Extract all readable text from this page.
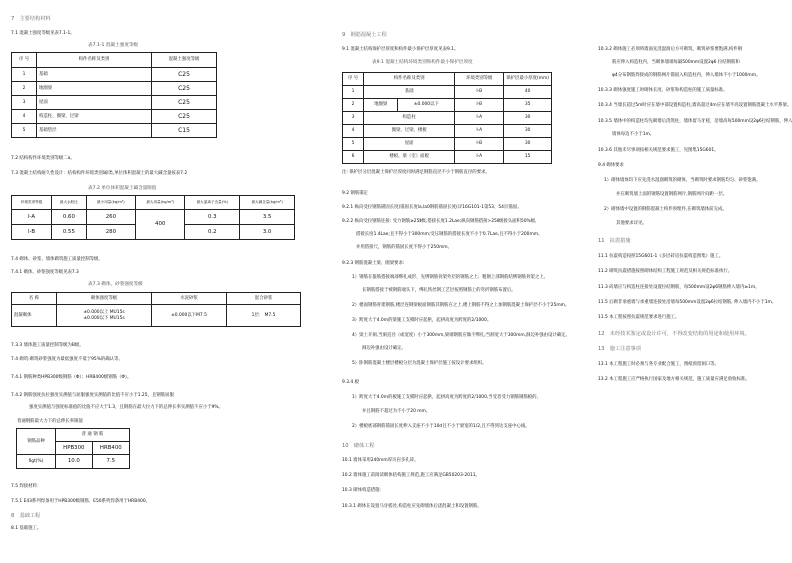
7　主要结构材料
7.1 混凝土强度等级见表7.1-1。
表7.1-1 混凝土强度等级
序 号	构件名称及类别	混凝土强度等级
1	基础	C25
2	地圈梁	C25
3	屋面	C25
4	构造柱、圈梁、过梁	C25
5	基础垫层	C15
7.2 结构构件环境类别等级二a。
7.3 混凝土结构耐久性设计：结构构件环境类别属I类,单位体积混凝土的最大碱含量按表7.2
表7.2 单位体积混凝土碱含量限值
环境类别等级	最大水胶比	最小用量(kg/m³)	最大用量(kg/m³)	最大氯离子含量(%)	最大碱含量(kg/m³)
I-A	0.60	260	400	0.3	3.5
I-B	0.55	280		0.2	3.0
7.4 砌体、砂浆、墙体砌筑施工质量控制等级。
7.4.1 砌体、砂浆强度等级见表7.3
表7.3 砌体、砂浆强度等级
名 称	砌体强度等级	水泥砂浆	混合砂浆
混凝砌体	±0.000以上 MU15s
±0.000以下 MU15s	±0.000以下M7.5	1层： M7.5
7.3.3 墙体施工质量控制等级为B级。
7.4 砌筑:砌筑砂浆强度为最低强度不低于95%的确认等。
7.4.1 钢筋种类HPB300级钢筋（Φ）；HRB400级钢筋（Φ）。
7.4.2 钢筋强度抗拉强度实测值与屈服强度实测值的比值不应小于1.25，且钢筋屈服
强度实测值与强度标准值的比值不应大于1.3，且钢筋在最大拉力下的总伸长率实测值不应小于9%。
普通钢筋最大力下的总伸长率限值
钢筋品种	普 通 钢 筋	
	HPB300	HRB400
δgt(%)	10.0	7.5
7.5 焊接材料：
7.5.1 E43系列焊条用于HPB300级钢筋，E50系列焊条用于HRB400。
8　基础工程
8.1 基础施工。
9　钢筋混凝土工程
9.1 混凝土结构保护层厚度和构件最小保护层厚度见表9.1。
表9.1 混凝土结构环境类别和构件最小保护层厚度
序 号	构件名称及类别		环境类别等级	保护层最小厚度(mm)
1	基础		I-B	40
2	地圈梁	±0.000以下	I-B	35
3	构造柱		I-A	30
4	圈梁、过梁、楼板		I-A	30
5	屋面		I-B	30
6	楼板、梁（室）面板		I-A	15
注: 保护层分层混凝土保护层厚度同时满足钢筋直径不小于钢筋直径的要求。
9.2 钢筋锚定
9.2.1 纵向受拉钢筋锚固长度(锚固长度la,la0钢筋锚固长度(详16G101-1第53、54页锚固。
9.2.2 纵向受拉钢筋连接: 受力钢筋≥25Ⅱ级,搭接长度1.2Lae;纵向钢筋搭接>25Ⅱ级接头面积50%级,
搭接长度1.4Lae;且不得小于300mm;受压钢筋的搭接长度不小于0.7Lae,且不得小于200mm。
并用搭接尺，钢筋的锚固长度不得小于250mm。
9.2.3 钢筋混凝土梁、圈梁要求:
1）钢筋在箍筋搭接端部绑扎成形，先绑钢筋骨架外层的钢筋之上；粗钢上部钢筋结绑钢筋骨架之上。
长钢筋搭接于被钢筋端头下，绑扎铁丝钢工艺层按照钢筋上的弯折钢筋布置后。
2）楼面钢筋骨架钢筋,楼层连钢梁板面钢筋其钢筋在之上,楼上钢筋不得之上加钢筋混凝土保护层不小于25mm。
3）跨度大于4.0m的梁施工支模时应起拱，起拱高度为跨度的2/1000。
4）梁上开洞,当洞直径（或宽度）小于300mm,梁端钢筋应做不绑扎;当洞宽大于300mm,洞边补强由设计确定。
洞边补强由设计确定。
5）卧钢筋混凝土楼层楼板分层为混凝土保护层施工按设计要求组织。
9.3.4 板
1）跨度大于4.0m的板施工支模时应起拱，起拱高度为跨度的2/1000,当受者受力钢筋钢筋板的,
并且钢筋不超过为不小于20 mm。
2）楼板底部钢筋锚固长度伸入支座不小于10d且不小于梁宽的1/2,且不得到达支座中心线。
10　砌体工程
10.1 墙体采用240mm厚页岩多孔砖。
10.2 墙体施工前阅读砌体结构施工规范,施工应满足GB50203-2011。
10.3 砌体构造措施：
10.3.1 砌体在设置马牙槎处,构造柱应先砌墙体后浇混凝土和设置钢筋。
10.3.2 砌体施工必须将墙面先浇湿润后方可砌筑，砌筑砂浆要饱满,构件钢
筋应伸入构造柱内，当砌体墙端每隔500mm设置2φ6 拉结钢筋和
φ4分布钢筋焊接成的钢筋网片锚固入构造柱内，伸入墙体不小于1000mm。
10.3.3 砌体强度施工时砌体长度、砂浆和构造柱的施工质量标准。
10.3.4 当墙长超过5m时应在墙中部设置构造柱,墙高超过4m应在墙半高设置钢筋混凝土水平系梁。
10.3.5 墙体中的构造柱均先砌墙后浇筑柱，墙体留马牙槎，沿墙高每500mm设2φ6拉结钢筋，伸入
墙体每边不小于1m。
10.3.6 其他未尽事项按相关规范要求施工，见图集15G601。
9.4 砌体要求
1）砌体墙体均下应先浇水湿润砌筑的砌体，当砌筑时要求钢筋均匀、砂浆饱满。
并在砌筑墙上面的钢筋设置钢筋网片,钢筋网片间距一层。
2）砌体墙中设置的钢筋混凝土构件预埋件,在砌筑墙体前完成。
其他要求详见。
11　抗震措施
11.1 抗震构造按照15G601-1《多层砖房抗震构造图集》施工。
11.2 砌筑抗震措施按照砌体结构工程施工规范及相关规范标准执行。
11.3 砖墙应与构造柱连接处设置拉结钢筋，每500mm设2φ6钢筋伸入墙内≥1m。
11.5 后砌非承重墙与承重墙连接处沿墙每500mm设置2φ6拉结钢筋, 伸入墙内不小于1m。
11.5 本工程按照抗震规范要求进行施工。
12　未经技术鉴定或设计许可，不得改变结构的用途和使用环境。
13　施工注意事项
13.1 本工程施工时必须与各专业配合施工，图纸预留洞口等。
13.2 本工程施工应严格执行国家及地方相关规范，施工质量应满足验收标准。
